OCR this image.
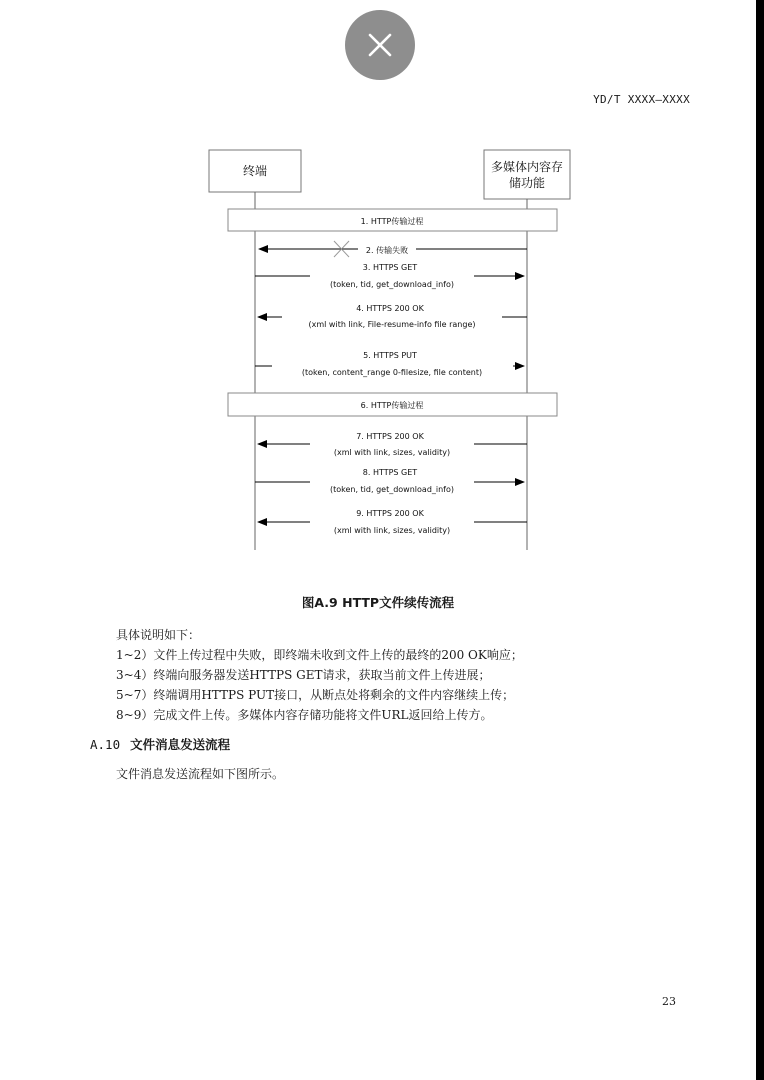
YD/T XXXX—XXXX
终端	多媒体内容存
储功能
1. HTTP传输过程
2. 传输失败
3. HTTPS GET
(token, tid, get_download_info)
4. HTTPS 200 OK
(xml with link, File-resume-info file range)
5. HTTPS PUT
(token, content_range 0-filesize, file content)
6. HTTP传输过程
7. HTTPS 200 OK
(xml with link, sizes, validity)
8. HTTPS GET
(token, tid, get_download_info)
9. HTTPS 200 OK
(xml with link, sizes, validity)
图A.9 HTTP文件续传流程
具体说明如下：
1~2）文件上传过程中失败，即终端未收到文件上传的最终的200 OK响应；
3~4）终端向服务器发送HTTPS GET请求，获取当前文件上传进展；
5~7）终端调用HTTPS PUT接口，从断点处将剩余的文件内容继续上传；
8~9）完成文件上传。多媒体内容存储功能将文件URL返回给上传方。
A.10 文件消息发送流程
文件消息发送流程如下图所示。
23
